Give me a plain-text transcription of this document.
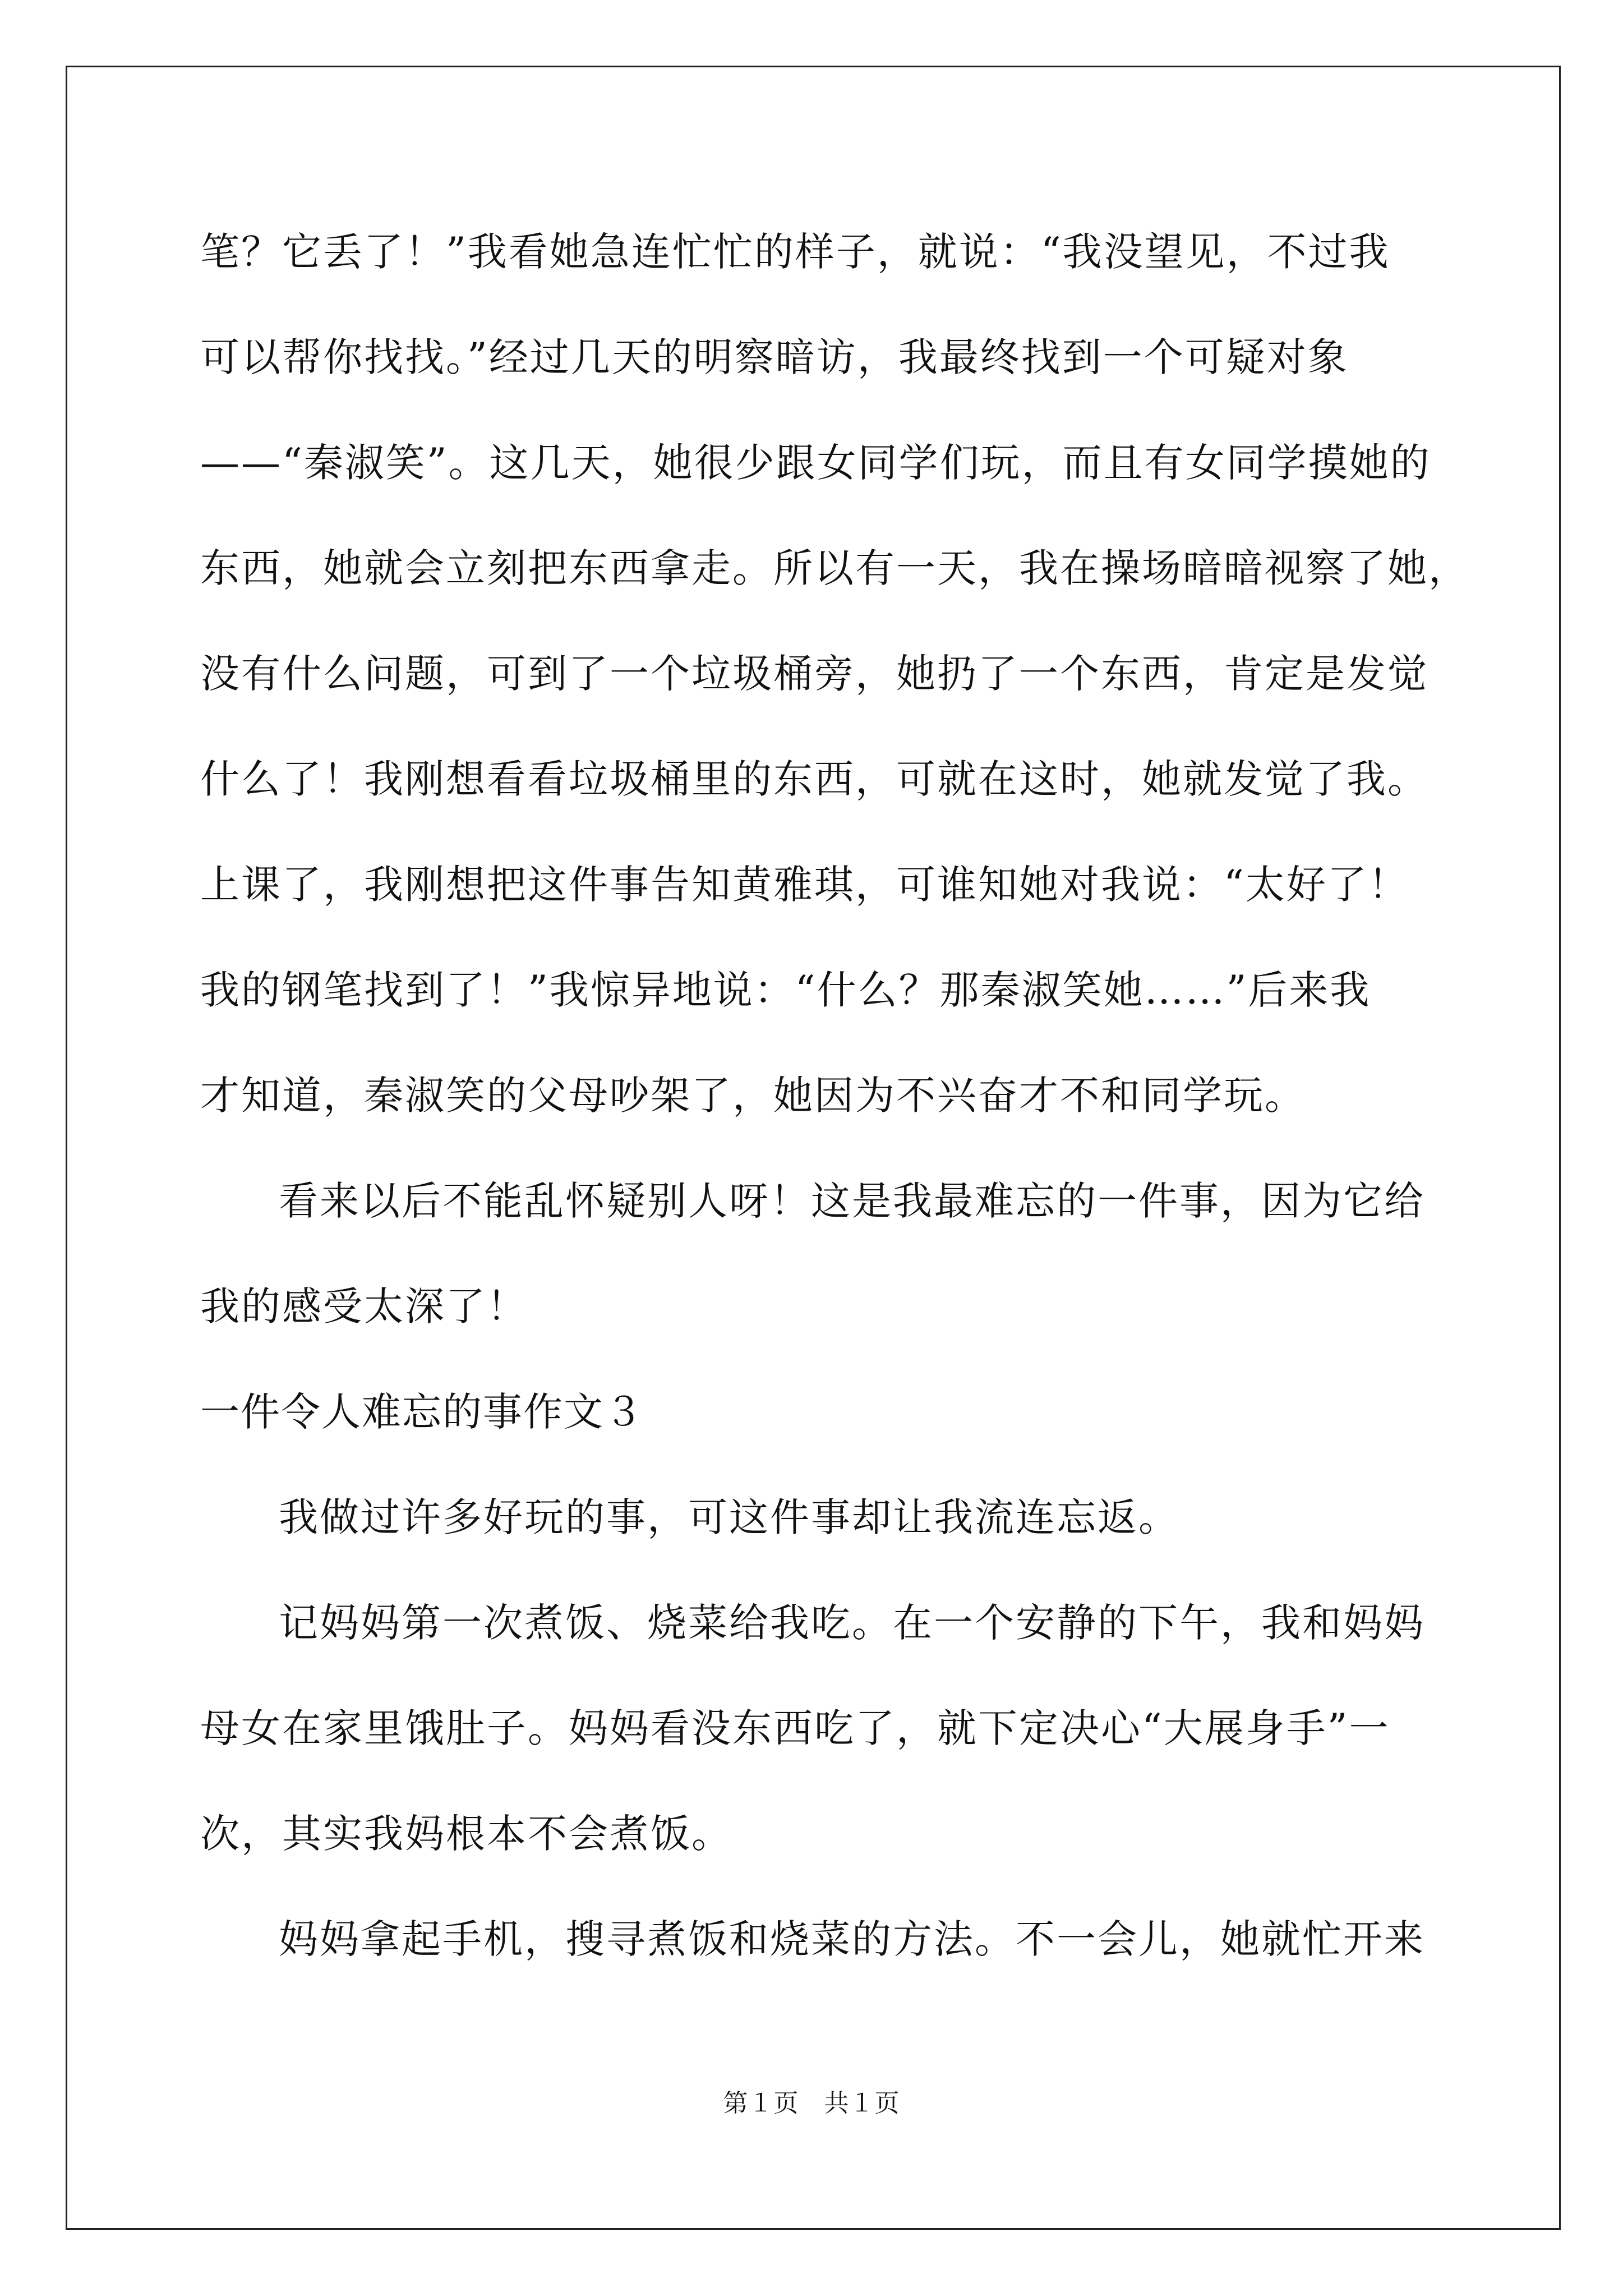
笔？它丢了！”我看她急连忙忙的样子，就说：“我没望见，不过我
可以帮你找找。”经过几天的明察暗访，我最终找到一个可疑对象
——“秦淑笑”。这几天，她很少跟女同学们玩，而且有女同学摸她的
东西，她就会立刻把东西拿走。所以有一天，我在操场暗暗视察了她，
没有什么问题，可到了一个垃圾桶旁，她扔了一个东西，肯定是发觉
什么了！我刚想看看垃圾桶里的东西，可就在这时，她就发觉了我。
上课了，我刚想把这件事告知黄雅琪，可谁知她对我说：“太好了！
我的钢笔找到了！”我惊异地说：“什么？那秦淑笑她……”后来我
才知道，秦淑笑的父母吵架了，她因为不兴奋才不和同学玩。
看来以后不能乱怀疑别人呀！这是我最难忘的一件事，因为它给
我的感受太深了！
一件令人难忘的事作文３
我做过许多好玩的事，可这件事却让我流连忘返。
记妈妈第一次煮饭、烧菜给我吃。在一个安静的下午，我和妈妈
母女在家里饿肚子。妈妈看没东西吃了，就下定决心“大展身手”一
次，其实我妈根本不会煮饭。
妈妈拿起手机，搜寻煮饭和烧菜的方法。不一会儿，她就忙开来
第１页　共１页
